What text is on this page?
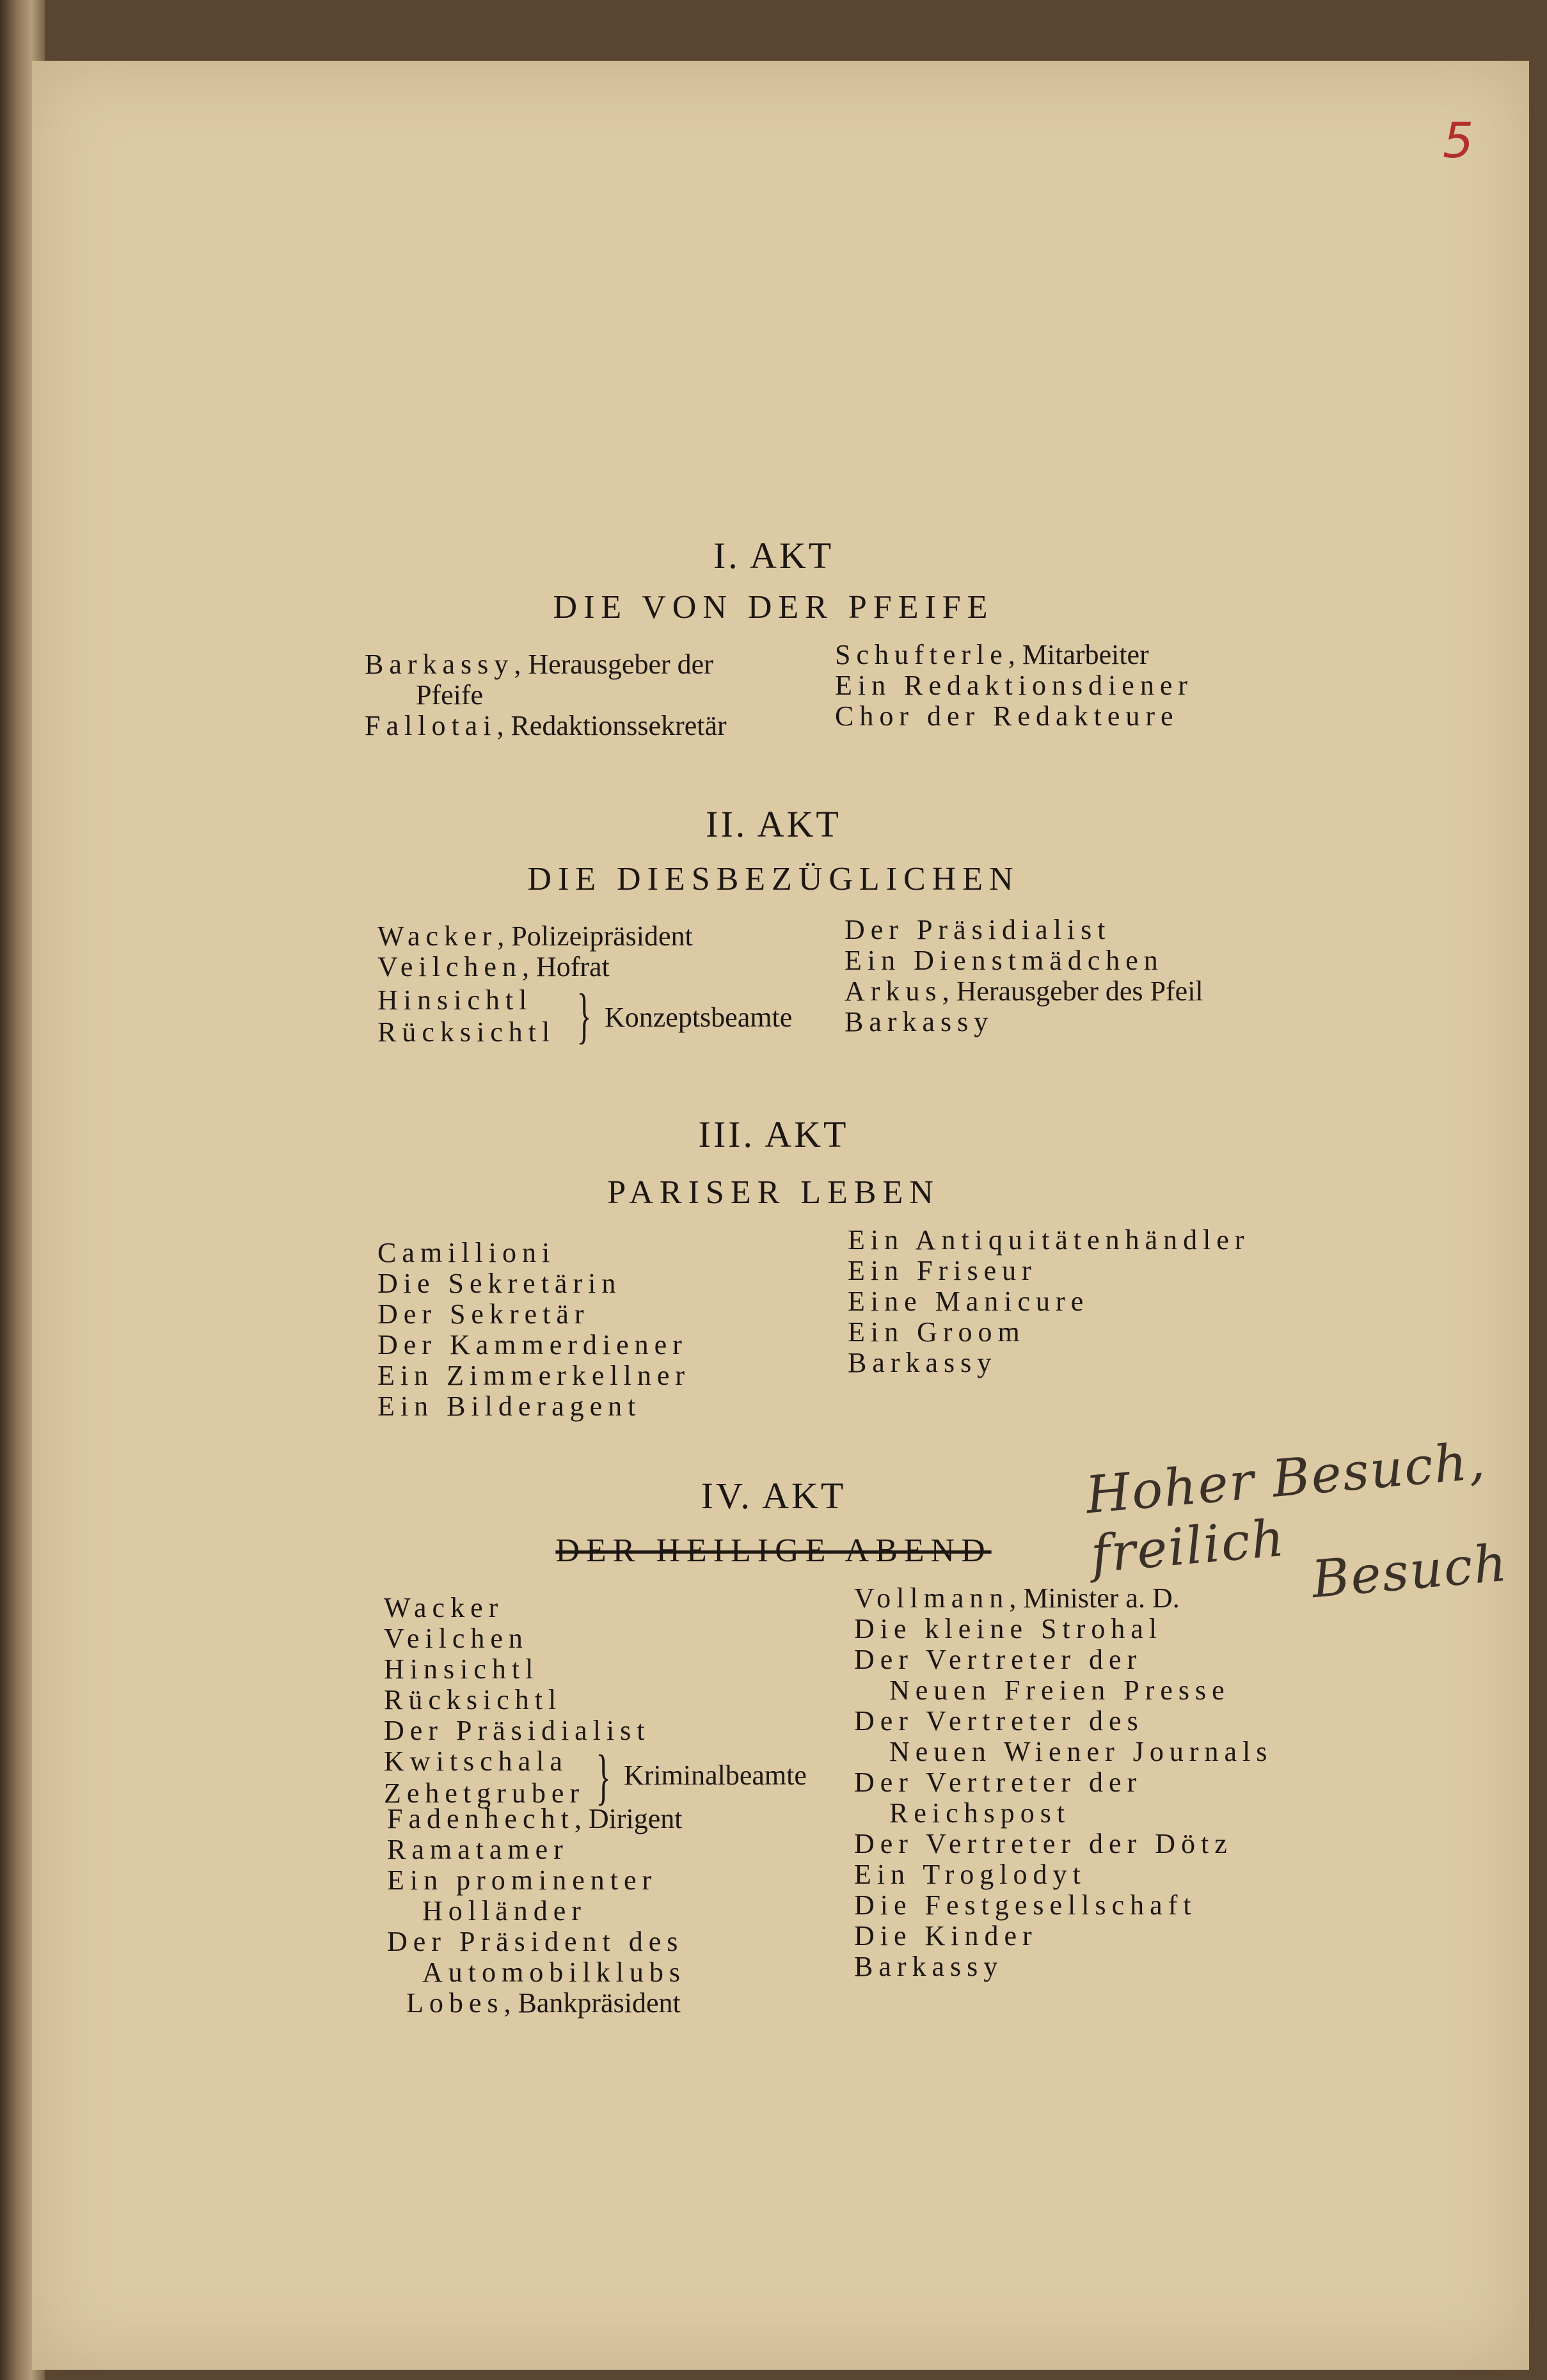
5
I. AKT
DIE VON DER PFEIFE
Barkassy, Herausgeber der
Pfeife
Fallotai, Redaktionssekretär
Schufterle, Mitarbeiter
Ein Redaktionsdiener
Chor der Redakteure
II. AKT
DIE DIESBEZÜGLICHEN
Wacker, Polizeipräsident
Veilchen, Hofrat
Hinsichtl
Rücksichtl } Konzeptsbeamte
Der Präsidialist
Ein Dienstmädchen
Arkus, Herausgeber des Pfeil
Barkassy
III. AKT
PARISER LEBEN
Camillioni
Die Sekretärin
Der Sekretär
Der Kammerdiener
Ein Zimmerkellner
Ein Bilderagent
Ein Antiquitätenhändler
Ein Friseur
Eine Manicure
Ein Groom
Barkassy
IV. AKT
DER HEILIGE ABEND
Hoher Besuch, freilich Besuch
Wacker
Veilchen
Hinsichtl
Rücksichtl
Der Präsidialist
Kwitschala
Zehetgruber } Kriminalbeamte
Fadenhecht, Dirigent
Ramatamer
Ein prominenter
Holländer
Der Präsident des
Automobilklubs
Lobes, Bankpräsident
Vollmann, Minister a. D.
Die kleine Strohal
Der Vertreter der
Neuen Freien Presse
Der Vertreter des
Neuen Wiener Journals
Der Vertreter der
Reichspost
Der Vertreter der Dötz
Ein Troglodyt
Die Festgesellschaft
Die Kinder
Barkassy
